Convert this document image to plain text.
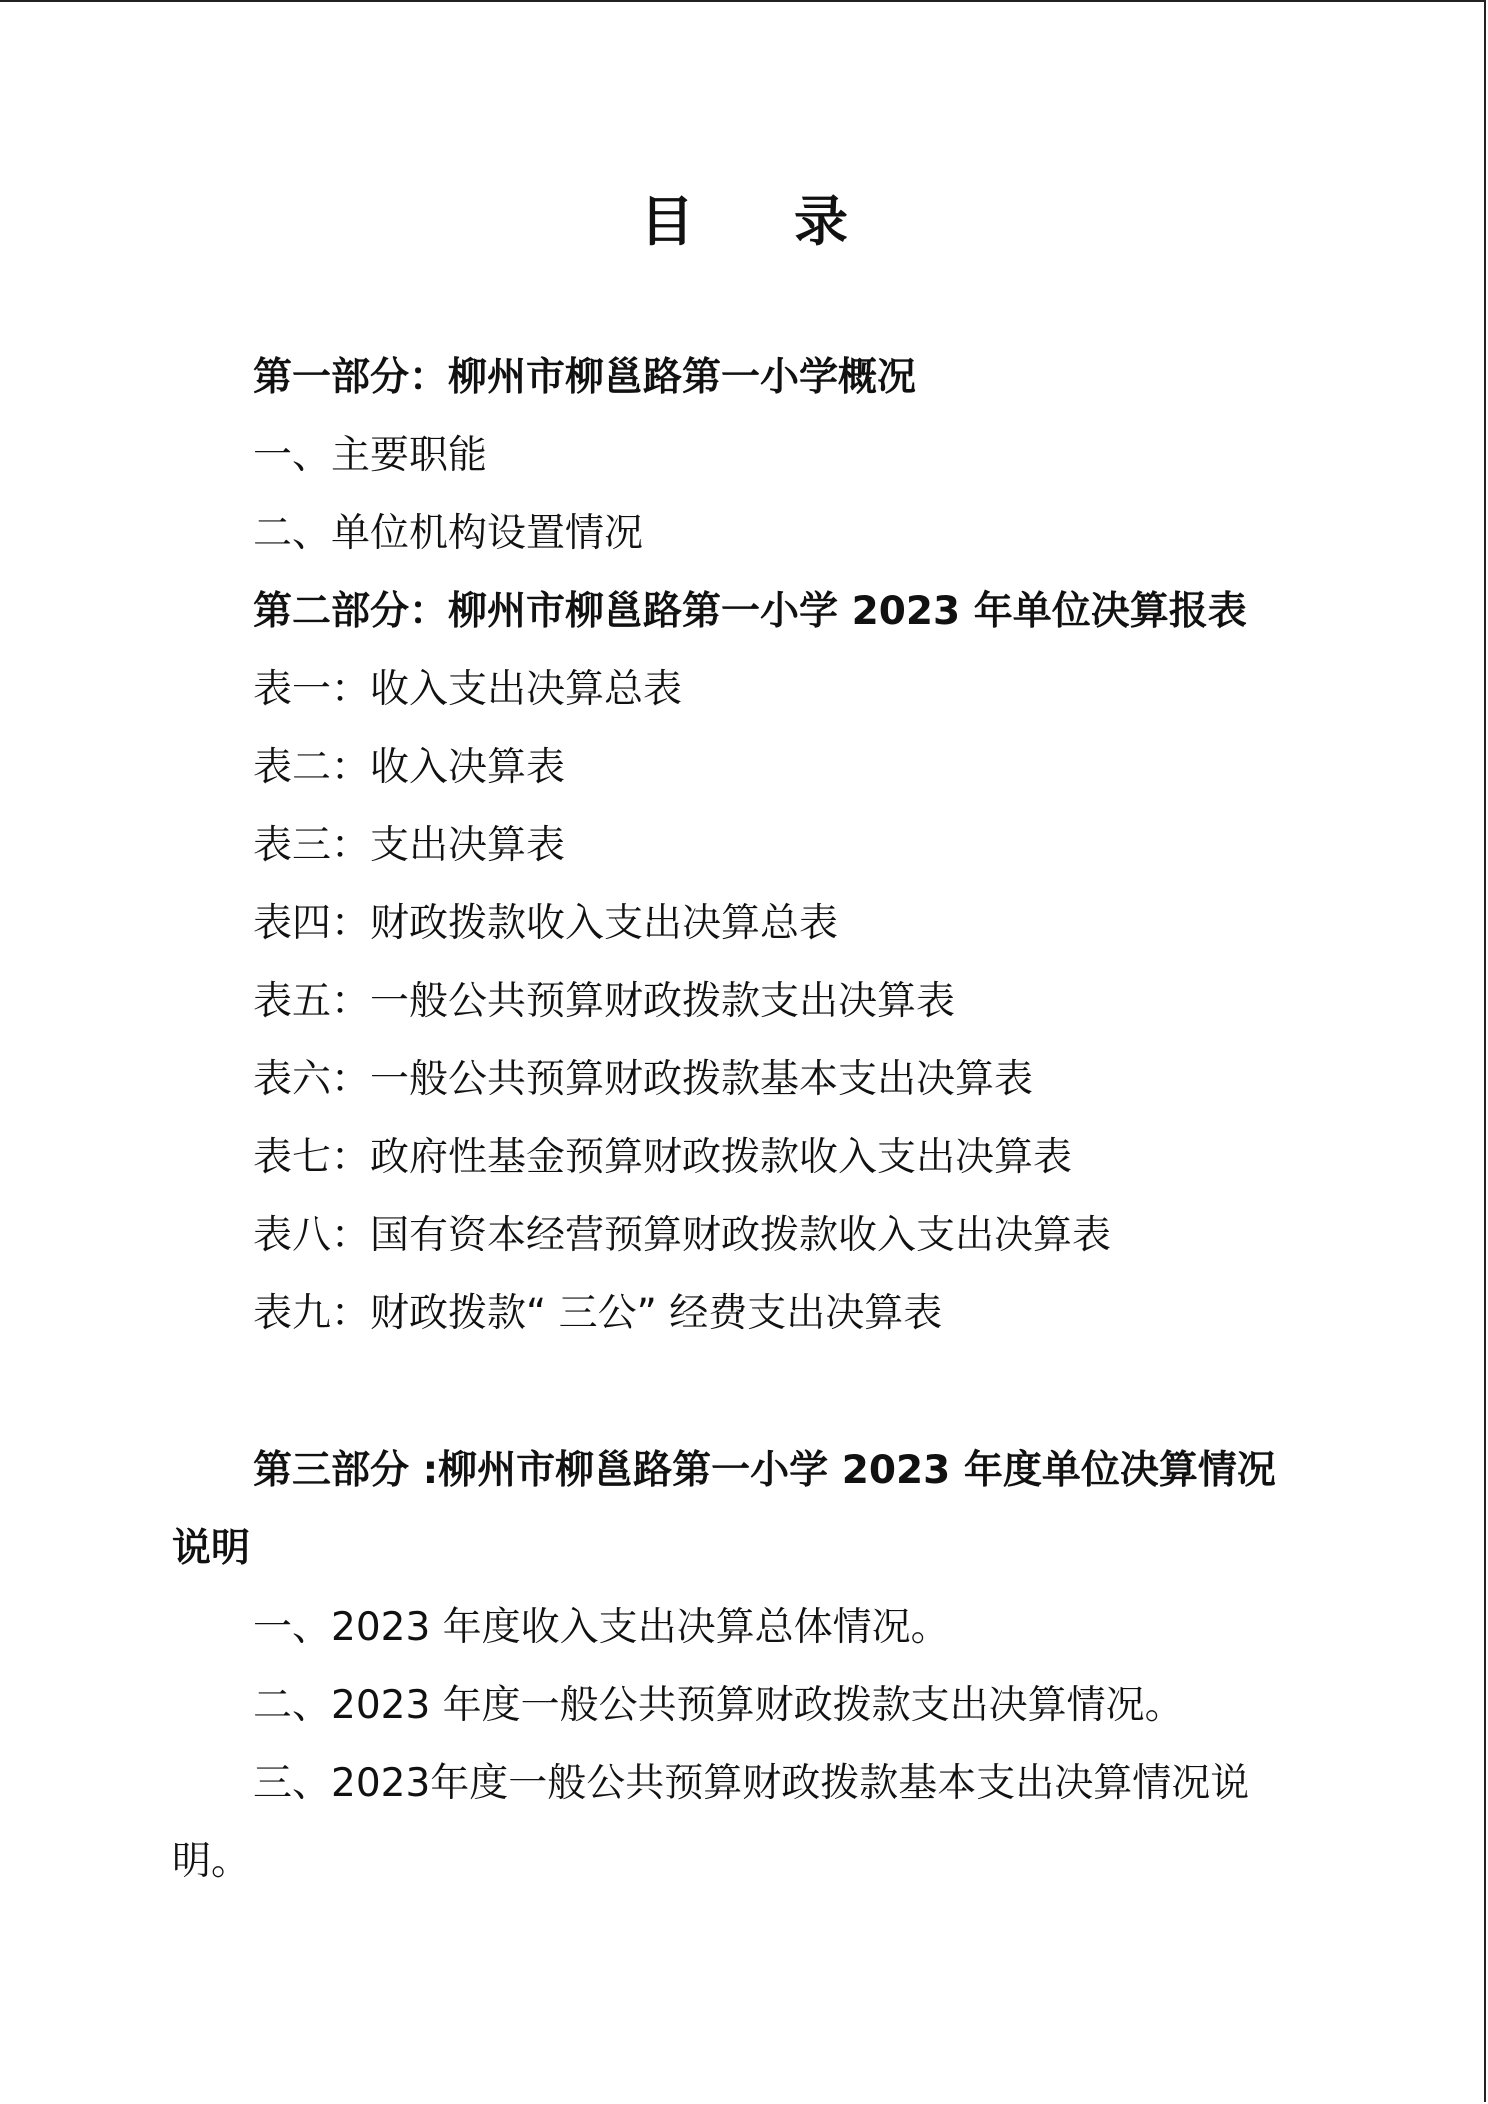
目 录
第一部分：柳州市柳邕路第一小学概况
一、主要职能
二、单位机构设置情况
第二部分：柳州市柳邕路第一小学 2023 年单位决算报表
表一：收入支出决算总表
表二：收入决算表
表三：支出决算表
表四：财政拨款收入支出决算总表
表五：一般公共预算财政拨款支出决算表
表六：一般公共预算财政拨款基本支出决算表
表七：政府性基金预算财政拨款收入支出决算表
表八：国有资本经营预算财政拨款收入支出决算表
表九：财政拨款“ 三公” 经费支出决算表
第三部分 :柳州市柳邕路第一小学 2023 年度单位决算情况说明
一、2023 年度收入支出决算总体情况。
二、2023 年度一般公共预算财政拨款支出决算情况。
三、2023年度一般公共预算财政拨款基本支出决算情况说明。
